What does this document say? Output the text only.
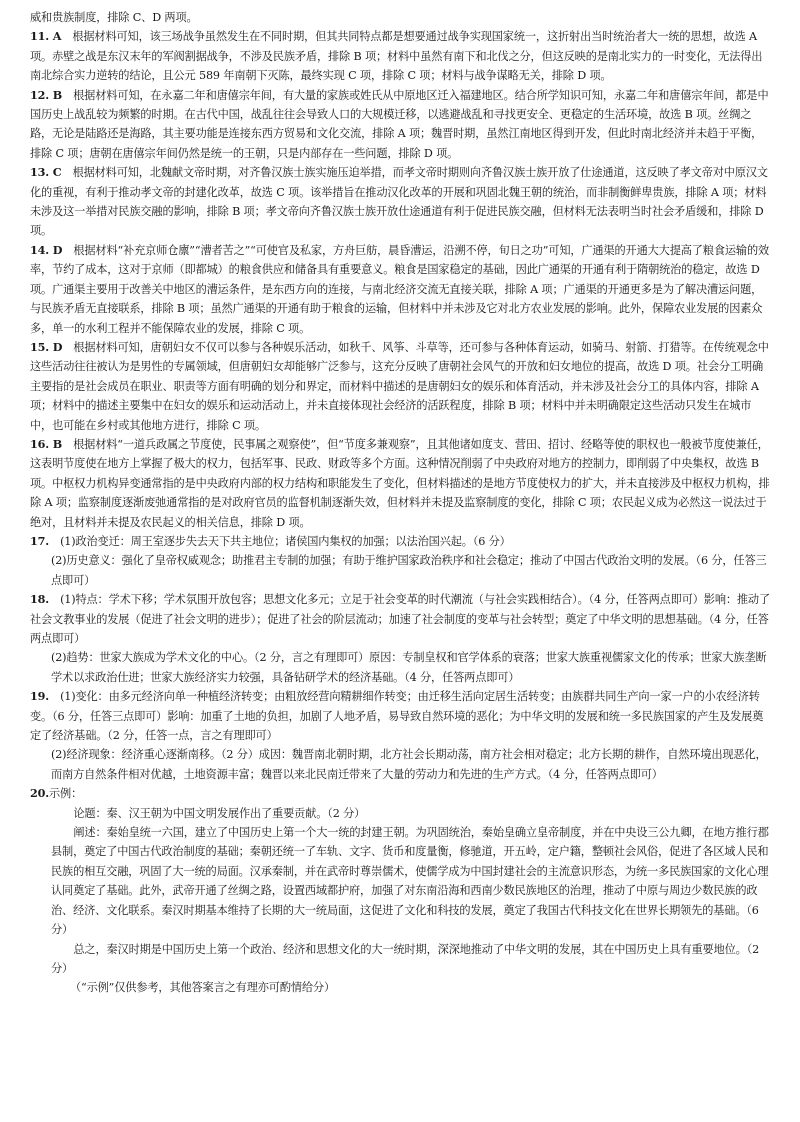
威和贵族制度，排除 C、D 两项。

11. A  根据材料可知，该三场战争虽然发生在不同时期，但其共同特点都是想要通过战争实现国家统一，这折射出当时统治者大一统的思想，故选 A 项。赤壁之战是东汉末年的军阀割据战争，不涉及民族矛盾，排除 B 项；材料中虽然有南下和北伐之分，但这反映的是南北实力的一时变化，无法得出南北综合实力逆转的结论，且公元 589 年南朝下灭陈，最终实现 C 项，排除 C 项；材料与战争谋略无关，排除 D 项。

12. B  根据材料可知，在永嘉二年和唐僖宗年间，有大量的家族或姓氏从中原地区迁入福建地区。结合所学知识可知，永嘉二年和唐僖宗年间，都是中国历史上战乱较为频繁的时期。在古代中国，战乱往往会导致人口的大规模迁移，以逃避战乱和寻找更安全、更稳定的生活环境，故选 B 项。丝绸之路，无论是陆路还是海路，其主要功能是连接东西方贸易和文化交流，排除 A 项；魏晋时期，虽然江南地区得到开发，但此时南北经济并未趋于平衡，排除 C 项；唐朝在唐僖宗年间仍然是统一的王朝，只是内部存在一些问题，排除 D 项。

13. C  根据材料可知，北魏献文帝时期，对齐鲁汉族士族实施压迫举措，而孝文帝时期则向齐鲁汉族士族开放了仕途通道，这反映了孝文帝对中原汉文化的重视，有利于推动孝文帝的封建化改革，故选 C 项。该举措旨在推动汉化改革的开展和巩固北魏王朝的统治，而非制衡鲜卑贵族，排除 A 项；材料未涉及这一举措对民族交融的影响，排除 B 项；孝文帝向齐鲁汉族士族开放仕途通道有利于促进民族交融，但材料无法表明当时社会矛盾缓和，排除 D 项。

14. D  根据材料“补充京师仓廪”“漕者苦之”“可使官及私家，方舟巨舫，晨昏漕运，沿溯不停，旬日之功”可知，广通渠的开通大大提高了粮食运输的效率，节约了成本，这对于京师（即都城）的粮食供应和储备具有重要意义。粮食是国家稳定的基础，因此广通渠的开通有利于隋朝统治的稳定，故选 D 项。广通渠主要用于改善关中地区的漕运条件，是东西方向的连接，与南北经济交流无直接关联，排除 A 项；广通渠的开通更多是为了解决漕运问题，与民族矛盾无直接联系，排除 B 项；虽然广通渠的开通有助于粮食的运输，但材料中并未涉及它对北方农业发展的影响。此外，保障农业发展的因素众多，单一的水利工程并不能保障农业的发展，排除 C 项。

15. D  根据材料可知，唐朝妇女不仅可以参与各种娱乐活动，如秋千、风筝、斗草等，还可参与各种体育运动，如骑马、射箭、打猎等。在传统观念中这些活动往往被认为是男性的专属领域，但唐朝妇女却能够广泛参与，这充分反映了唐朝社会风气的开放和妇女地位的提高，故选 D 项。社会分工明确主要指的是社会成员在职业、职责等方面有明确的划分和界定，而材料中描述的是唐朝妇女的娱乐和体育活动，并未涉及社会分工的具体内容，排除 A 项；材料中的描述主要集中在妇女的娱乐和运动活动上，并未直接体现社会经济的活跃程度，排除 B 项；材料中并未明确限定这些活动只发生在城市中，也可能在乡村或其他地方进行，排除 C 项。

16. B  根据材料“一道兵政属之节度使，民事属之观察使”，但“节度多兼观察”，且其他诸如度支、营田、招讨、经略等使的职权也一般被节度使兼任，这表明节度使在地方上掌握了极大的权力，包括军事、民政、财政等多个方面。这种情况削弱了中央政府对地方的控制力，即削弱了中央集权，故选 B 项。中枢权力机构异变通常指的是中央政府内部的权力结构和职能发生了变化，但材料描述的是地方节度使权力的扩大，并未直接涉及中枢权力机构，排除 A 项；监察制度逐渐废弛通常指的是对政府官员的监督机制逐渐失效，但材料并未提及监察制度的变化，排除 C 项；农民起义成为必然这一说法过于绝对，且材料并未提及农民起义的相关信息，排除 D 项。

17.  (1)政治变迁：周王室逐步失去天下共主地位；诸侯国内集权的加强；以法治国兴起。（6 分）

(2)历史意义：强化了皇帝权威观念；助推君主专制的加强；有助于维护国家政治秩序和社会稳定；推动了中国古代政治文明的发展。（6 分，任答三点即可）

18.  (1)特点：学术下移；学术氛围开放包容；思想文化多元；立足于社会变革的时代潮流（与社会实践相结合）。（4 分，任答两点即可）影响：推动了社会文教事业的发展（促进了社会文明的进步）；促进了社会的阶层流动；加速了社会制度的变革与社会转型；奠定了中华文明的思想基础。（4 分，任答两点即可）

(2)趋势：世家大族成为学术文化的中心。（2 分，言之有理即可）原因：专制皇权和官学体系的衰落；世家大族重视儒家文化的传承；世家大族垄断学术以求政治仕进；世家大族经济实力较强，具备钻研学术的经济基础。（4 分，任答两点即可）

19.  (1)变化：由多元经济向单一种植经济转变；由粗放经营向精耕细作转变；由迁移生活向定居生活转变；由族群共同生产向一家一户的小农经济转变。（6 分，任答三点即可）影响：加重了土地的负担，加剧了人地矛盾，易导致自然环境的恶化；为中华文明的发展和统一多民族国家的产生及发展奠定了经济基础。（2 分，任答一点，言之有理即可）

(2)经济现象：经济重心逐渐南移。（2 分）成因：魏晋南北朝时期，北方社会长期动荡，南方社会相对稳定；北方长期的耕作，自然环境出现恶化，而南方自然条件相对优越，土地资源丰富；魏晋以来北民南迁带来了大量的劳动力和先进的生产方式。（4 分，任答两点即可）

20.示例：

论题：秦、汉王朝为中国文明发展作出了重要贡献。（2 分）

阐述：秦始皇统一六国，建立了中国历史上第一个大一统的封建王朝。为巩固统治，秦始皇确立皇帝制度，并在中央设三公九卿，在地方推行郡县制，奠定了中国古代政治制度的基础；秦朝还统一了车轨、文字、货币和度量衡，修驰道，开五岭，定户籍，整顿社会风俗，促进了各区域人民和民族的相互交融，巩固了大一统的局面。汉承秦制，并在武帝时尊崇儒术，使儒学成为中国封建社会的主流意识形态，为统一多民族国家的文化心理认同奠定了基础。此外，武帝开通了丝绸之路，设置西域都护府，加强了对东南沿海和西南少数民族地区的治理，推动了中原与周边少数民族的政治、经济、文化联系。秦汉时期基本维持了长期的大一统局面，这促进了文化和科技的发展，奠定了我国古代科技文化在世界长期领先的基础。（6 分）

总之，秦汉时期是中国历史上第一个政治、经济和思想文化的大一统时期，深深地推动了中华文明的发展，其在中国历史上具有重要地位。（2 分）

（“示例”仅供参考，其他答案言之有理亦可酌情给分）
